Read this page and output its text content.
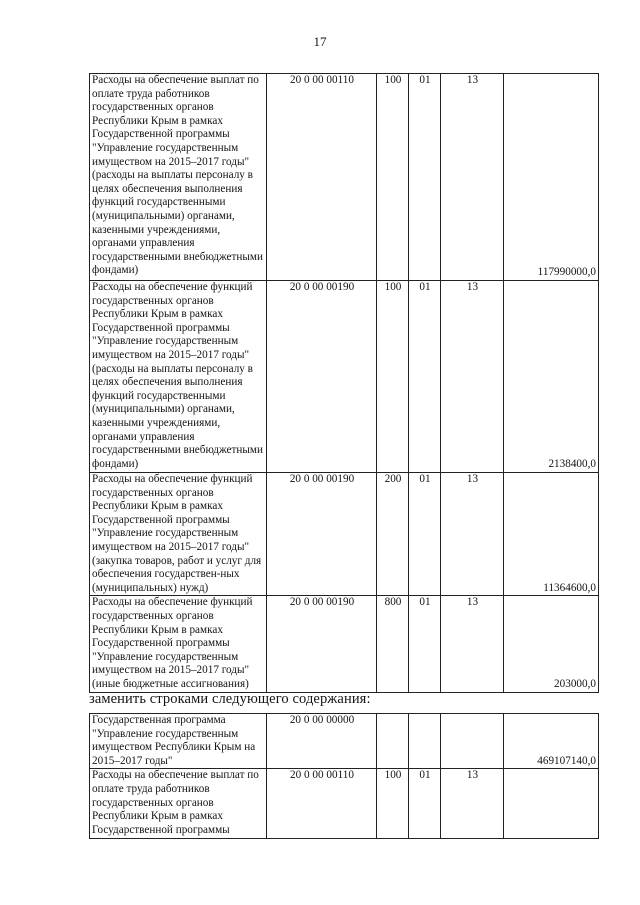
17
Расходы на обеспечение выплат по оплате труда работников государственных органов Республики Крым в рамках Государственной программы "Управление государственным имуществом на 2015–2017 годы" (расходы на выплаты персоналу в целях обеспечения выполнения функций государственными (муниципальными) органами, казенными учреждениями, органами управления государственными внебюджетными фондами)	20 0 00 00110	100	01	13	117990000,0
Расходы на обеспечение функций государственных органов Республики Крым в рамках Государственной программы "Управление государственным имуществом на 2015–2017 годы" (расходы на выплаты персоналу в целях обеспечения выполнения функций государственными (муниципальными) органами, казенными учреждениями, органами управления государственными внебюджетными фондами)	20 0 00 00190	100	01	13	2138400,0
Расходы на обеспечение функций государственных органов Республики Крым в рамках Государственной программы "Управление государственным имуществом на 2015–2017 годы" (закупка товаров, работ и услуг для обеспечения государствен-ных (муниципальных) нужд)	20 0 00 00190	200	01	13	11364600,0
Расходы на обеспечение функций государственных органов Республики Крым в рамках Государственной программы "Управление государственным имуществом на 2015–2017 годы" (иные бюджетные ассигнования)	20 0 00 00190	800	01	13	203000,0
заменить строками следующего содержания:
Государственная программа "Управление государственным имуществом Республики Крым на 2015–2017 годы"	20 0 00 00000				469107140,0
Расходы на обеспечение выплат по оплате труда работников государственных органов Республики Крым в рамках Государственной программы	20 0 00 00110	100	01	13	
